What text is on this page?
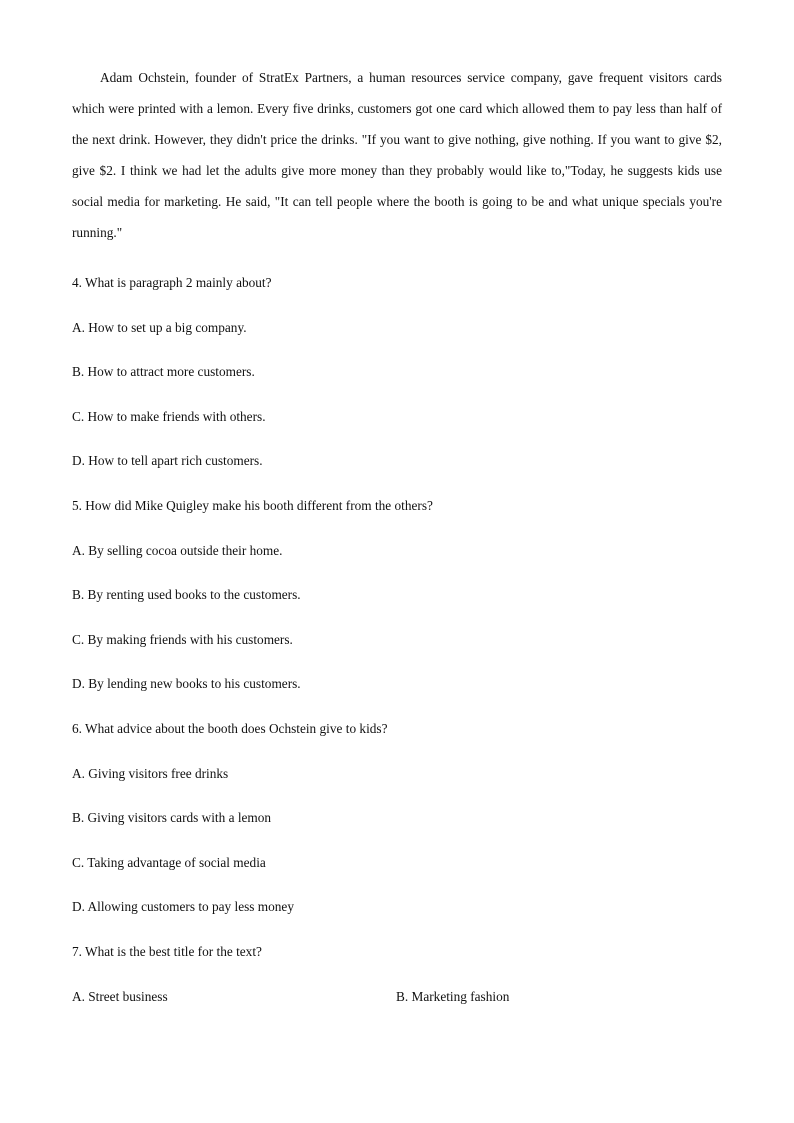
Adam Ochstein, founder of StratEx Partners, a human resources service company, gave frequent visitors cards which were printed with a lemon. Every five drinks, customers got one card which allowed them to pay less than half of the next drink. However, they didn't price the drinks. "If you want to give nothing, give nothing. If you want to give $2, give $2. I think we had let the adults give more money than they probably would like to,"Today, he suggests kids use social media for marketing. He said, "It can tell people where the booth is going to be and what unique specials you're running."

4. What is paragraph 2 mainly about?
A. How to set up a big company.
B. How to attract more customers.
C. How to make friends with others.
D. How to tell apart rich customers.
5. How did Mike Quigley make his booth different from the others?
A. By selling cocoa outside their home.
B. By renting used books to the customers.
C. By making friends with his customers.
D. By lending new books to his customers.
6. What advice about the booth does Ochstein give to kids?
A. Giving visitors free drinks
B. Giving visitors cards with a lemon
C. Taking advantage of social media
D. Allowing customers to pay less money
7. What is the best title for the text?
A. Street business	B. Marketing fashion
